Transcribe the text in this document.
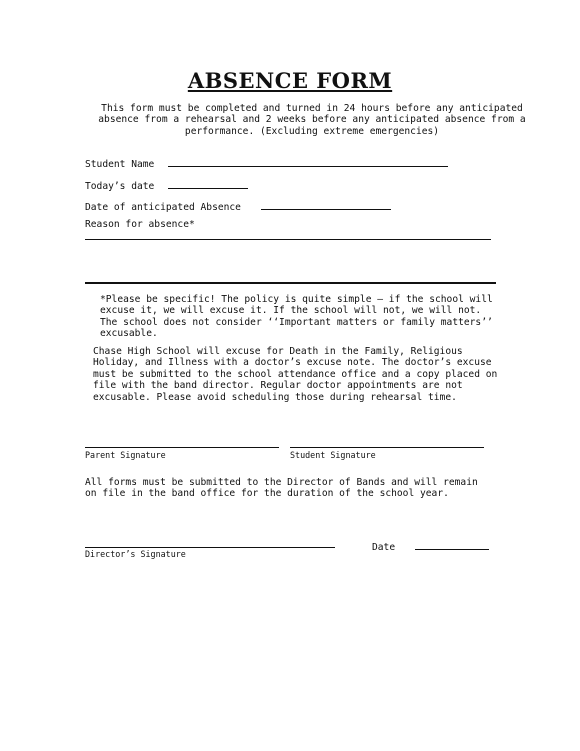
ABSENCE FORM
This form must be completed and turned in 24 hours before any anticipated absence from a rehearsal and 2 weeks before any anticipated absence from a performance. (Excluding extreme emergencies)
Student Name
Today’s date
Date of anticipated Absence
Reason for absence*
*Please be specific! The policy is quite simple – if the school will excuse it, we will excuse it. If the school will not, we will not. The school does not consider ‘‘Important matters or family matters’’ excusable.
Chase High School will excuse for Death in the Family, Religious Holiday, and Illness with a doctor’s excuse note. The doctor’s excuse must be submitted to the school attendance office and a copy placed on file with the band director. Regular doctor appointments are not excusable. Please avoid scheduling those during rehearsal time.
Parent Signature	Student Signature
All forms must be submitted to the Director of Bands and will remain on file in the band office for the duration of the school year.
Director’s Signature
Date
